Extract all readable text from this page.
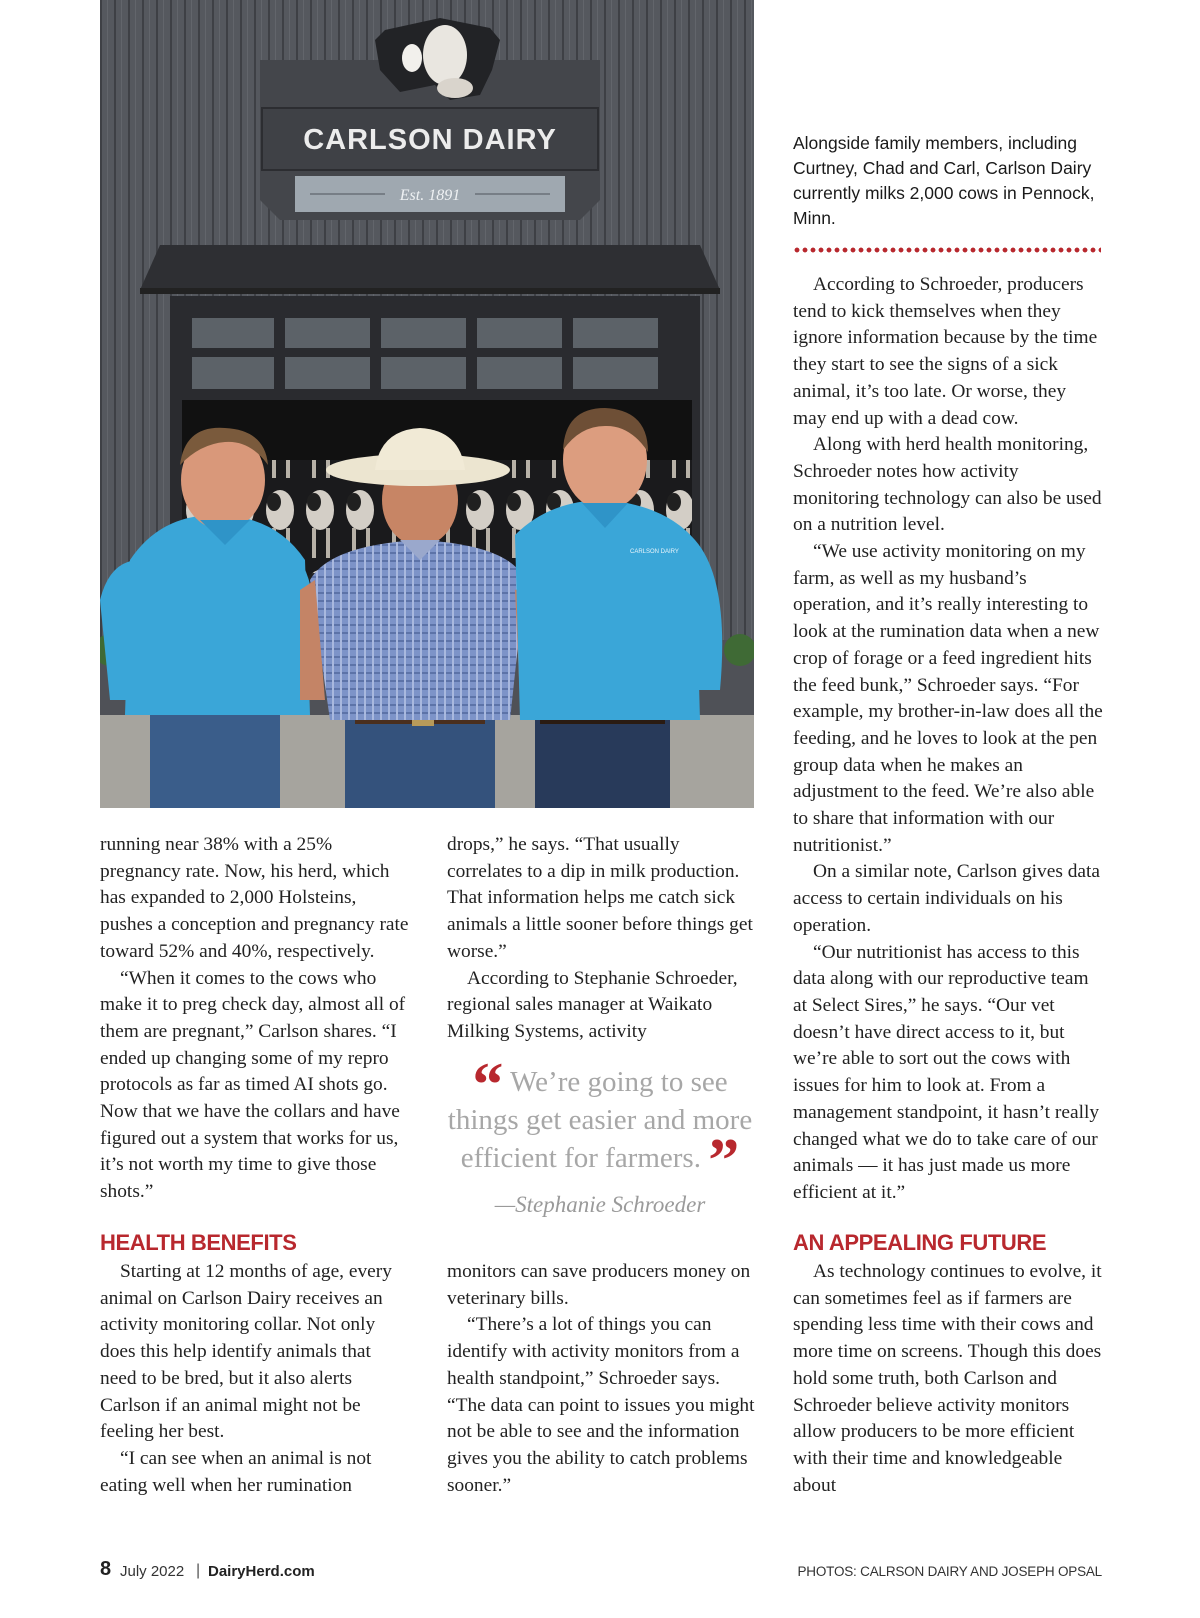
CARLSON DAIRY
Est. 1891
CARLSON DAIRY
Alongside family members, including Curtney, Chad and Carl, Carlson Dairy currently milks 2,000 cows in Pennock, Minn.

According to Schroeder, producers tend to kick themselves when they ignore information because by the time they start to see the signs of a sick animal, it’s too late. Or worse, they may end up with a dead cow.

Along with herd health monitoring, Schroeder notes how activity monitoring technology can also be used on a nutrition level.

“We use activity monitoring on my farm, as well as my husband’s operation, and it’s really interesting to look at the rumination data when a new crop of forage or a feed ingredient hits the feed bunk,” Schroeder says. “For example, my brother-in-law does all the feeding, and he loves to look at the pen group data when he makes an adjustment to the feed. We’re also able to share that information with our nutritionist.”

On a similar note, Carlson gives data access to certain individuals on his operation.

“Our nutritionist has access to this data along with our reproductive team at Select Sires,” he says. “Our vet doesn’t have direct access to it, but we’re able to sort out the cows with issues for him to look at. From a management standpoint, it hasn’t really changed what we do to take care of our animals — it has just made us more efficient at it.”

running near 38% with a 25% pregnancy rate. Now, his herd, which has expanded to 2,000 Holsteins, pushes a conception and pregnancy rate toward 52% and 40%, respectively.

“When it comes to the cows who make it to preg check day, almost all of them are pregnant,” Carlson shares. “I ended up changing some of my repro protocols as far as timed AI shots go. Now that we have the collars and have figured out a system that works for us, it’s not worth my time to give those shots.”

drops,” he says. “That usually correlates to a dip in milk production. That information helps me catch sick animals a little sooner before things get worse.”

According to Stephanie Schroeder, regional sales manager at Waikato Milking Systems, activity

“ We’re going to see things get easier and more efficient for farmers. ”
—Stephanie Schroeder
HEALTH BENEFITS	AN APPEALING FUTURE

Starting at 12 months of age, every animal on Carlson Dairy receives an activity monitoring collar. Not only does this help identify animals that need to be bred, but it also alerts Carlson if an animal might not be feeling her best.

“I can see when an animal is not eating well when her rumination

monitors can save producers money on veterinary bills.

“There’s a lot of things you can identify with activity monitors from a health standpoint,” Schroeder says. “The data can point to issues you might not be able to see and the information gives you the ability to catch problems sooner.”

As technology continues to evolve, it can sometimes feel as if farmers are spending less time with their cows and more time on screens. Though this does hold some truth, both Carlson and Schroeder believe activity monitors allow producers to be more efficient with their time and knowledgeable about

8 July 2022 | DairyHerd.com	PHOTOS: CALRSON DAIRY AND JOSEPH OPSAL
